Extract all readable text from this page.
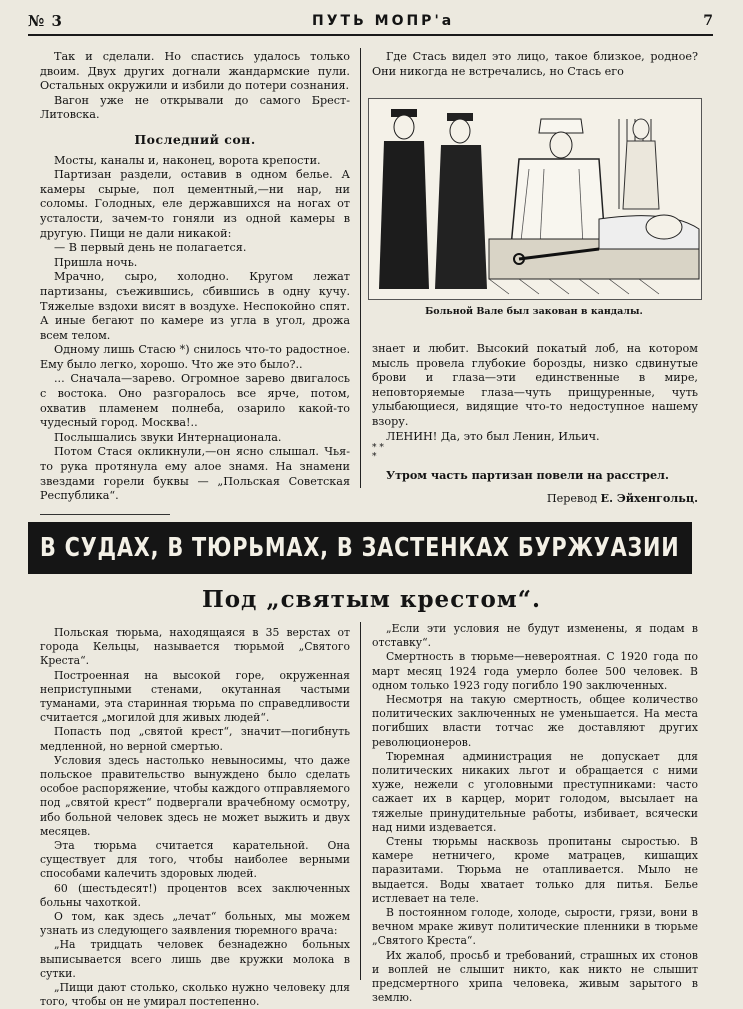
№ 3	ПУТЬ МОПР'а	7

Так и сделали. Но спастись удалось только двоим. Двух других догнали жандармские пули. Остальных окружили и избили до потери сознания.

Вагон уже не открывали до самого Брест-Литовска.

Последний сон.

Мосты, каналы и, наконец, ворота крепости.

Партизан раздели, оставив в одном белье. А камеры сырые, пол цементный,—ни нар, ни соломы. Голодных, еле державшихся на ногах от усталости, зачем-то гоняли из одной камеры в другую. Пищи не дали никакой:

— В первый день не полагается.

Пришла ночь.

Мрачно, сыро, холодно. Кругом лежат партизаны, съежившись, сбившись в одну кучу. Тяжелые вздохи висят в воздухе. Неспокойно спят. А иные бегают по камере из угла в угол, дрожа всем телом.

Одному лишь Стасю *) снилось что-то радостное. Ему было легко, хорошо. Что же это было?..

... Сначала—зарево. Огромное зарево двигалось с востока. Оно разгоралось все ярче, потом, охватив пламенем полнеба, озарило какой-то чудесный город. Москва!..

Послышались звуки Интернационала.

Потом Стася окликнули,—он ясно слышал. Чья-то рука протянула ему алое знамя. На знамени звездами горели буквы — „Польская Советская Республика“.

Где Стась видел это лицо, такое близкое, родное? Они никогда не встречались, но Стась его

Больной Вале был закован в кандалы.

знает и любит. Высокий покатый лоб, на котором мысль провела глубокие борозды, низко сдвинутые брови и глаза—эти единственные в мире, неповторяемые глаза—чуть прищуренные, чуть улыбающиеся, видящие что-то недоступное нашему взору.

ЛЕНИН! Да, это был Ленин, Ильич.

* *
*

Утром часть партизан повели на расстрел.

Перевод Е. Эйхенгольц.
В СУДАХ, В ТЮРЬМАХ, В ЗАСТЕНКАХ БУРЖУАЗИИ
Под „святым крестом“.

Польская тюрьма, находящаяся в 35 верстах от города Кельцы, называется тюрьмой „Святого Креста“.

Построенная на высокой горе, окруженная неприступными стенами, окутанная частыми туманами, эта старинная тюрьма по справедливости считается „могилой для живых людей“.

Попасть под „святой крест“, значит—погибнуть медленной, но верной смертью.

Условия здесь настолько невыносимы, что даже польское правительство вынуждено было сделать особое распоряжение, чтобы каждого отправляемого под „святой крест“ подвергали врачебному осмотру, ибо больной человек здесь не может выжить и двух месяцев.

Эта тюрьма считается карательной. Она существует для того, чтобы наиболее верными способами калечить здоровых людей.

60 (шестьдесят!) процентов всех заключенных больны чахоткой.

О том, как здесь „лечат“ больных, мы можем узнать из следующего заявления тюремного врача:

„На тридцать человек безнадежно больных выписывается всего лишь две кружки молока в сутки.

„Пищи дают столько, сколько нужно человеку для того, чтобы он не умирал постепенно.

„Если эти условия не будут изменены, я подам в отставку“.

Смертность в тюрьме—невероятная. С 1920 года по март месяц 1924 года умерло более 500 человек. В одном только 1923 году погибло 190 заключенных.

Несмотря на такую смертность, общее количество политических заключенных не уменьшается. На места погибших власти тотчас же доставляют других революционеров.

Тюремная администрация не допускает для политических никаких льгот и обращается с ними хуже, нежели с уголовными преступниками: часто сажает их в карцер, морит голодом, высылает на тяжелые принудительные работы, избивает, всячески над ними издевается.

Стены тюрьмы насквозь пропитаны сыростью. В камере нетничего, кроме матрацев, кишащих паразитами. Тюрьма не отапливается. Мыло не выдается. Воды хватает только для питья. Белье истлевает на теле.

В постоянном голоде, холоде, сырости, грязи, вони в вечном мраке живут политические пленники в тюрьме „Святого Креста“.

Их жалоб, просьб и требований, страшных их стонов и воплей не слышит никто, как никто не слышит предсмертного хрипа человека, живым зарытого в землю.
